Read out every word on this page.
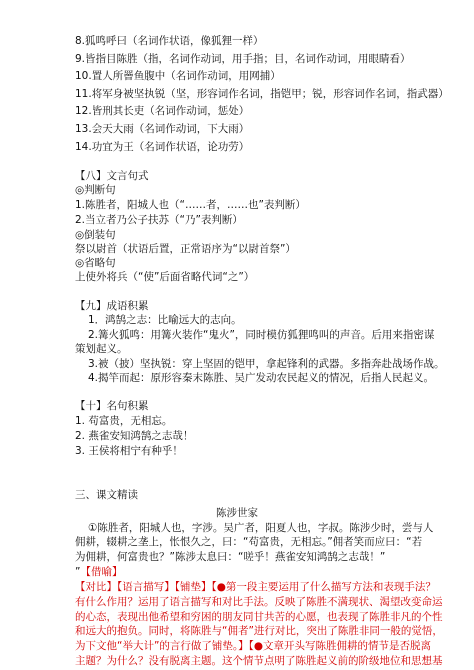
8.狐鸣呼曰（名词作状语，像狐狸一样）
9.皆指目陈胜（指，名词作动词，用手指；目，名词作动词，用眼睛看）
10.置人所罾鱼腹中（名词作动词，用网捕）
11.将军身被坚执锐（坚，形容词作名词，指铠甲；锐，形容词作名词，指武器）
12.皆刑其长吏（名词作动词，惩处）
13.会天大雨（名词作动词，下大雨）
14.功宜为王（名词作状语，论功劳）
【八】文言句式
◎判断句
1.陈胜者，阳城人也（“……者，……也”表判断）
2.当立者乃公子扶苏（“乃”表判断）
◎倒装句
祭以尉首（状语后置，正常语序为“以尉首祭”）
◎省略句
上使外将兵（“使”后面省略代词“之”）
【九】成语积累
1．鸿鹄之志：比喻远大的志向。
2.篝火狐鸣：用篝火装作“鬼火”，同时模仿狐狸鸣叫的声音。后用来指密谋
策划起义。
3.被（披）坚执锐：穿上坚固的铠甲，拿起锋利的武器。多指奔赴战场作战。
4.揭竿而起：原形容秦末陈胜、吴广发动农民起义的情况，后指人民起义。
【十】名句积累
1. 苟富贵，无相忘。
2. 燕雀安知鸿鹄之志哉！
3. 王侯将相宁有种乎！
三、课文精读
陈涉世家
①陈胜者，阳城人也，字涉。吴广者，阳夏人也，字叔。陈涉少时，尝与人
佣耕，辍耕之垄上，怅恨久之，曰：“苟富贵，无相忘。”佣者笑而应曰：“若
为佣耕，何富贵也？”陈涉太息曰：“嗟乎！燕雀安知鸿鹄之志哉！”
”【借喻】
【对比】【语言描写】【铺垫】【●第一段主要运用了什么描写方法和表现手法？
有什么作用？运用了语言描写和对比手法。反映了陈胜不满现状、渴望改变命运
的心态，表现出他希望和穷困的朋友同甘共苦的心愿，也表现了陈胜非凡的个性
和远大的抱负。同时，将陈胜与“佣者”进行对比，突出了陈胜非同一般的觉悟，
为下文他“举大计”的言行做了铺垫。】【●文章开头写陈胜佣耕的情节是否脱离
主题？为什么？没有脱离主题。这个情节点明了陈胜起义前的阶级地位和思想基
